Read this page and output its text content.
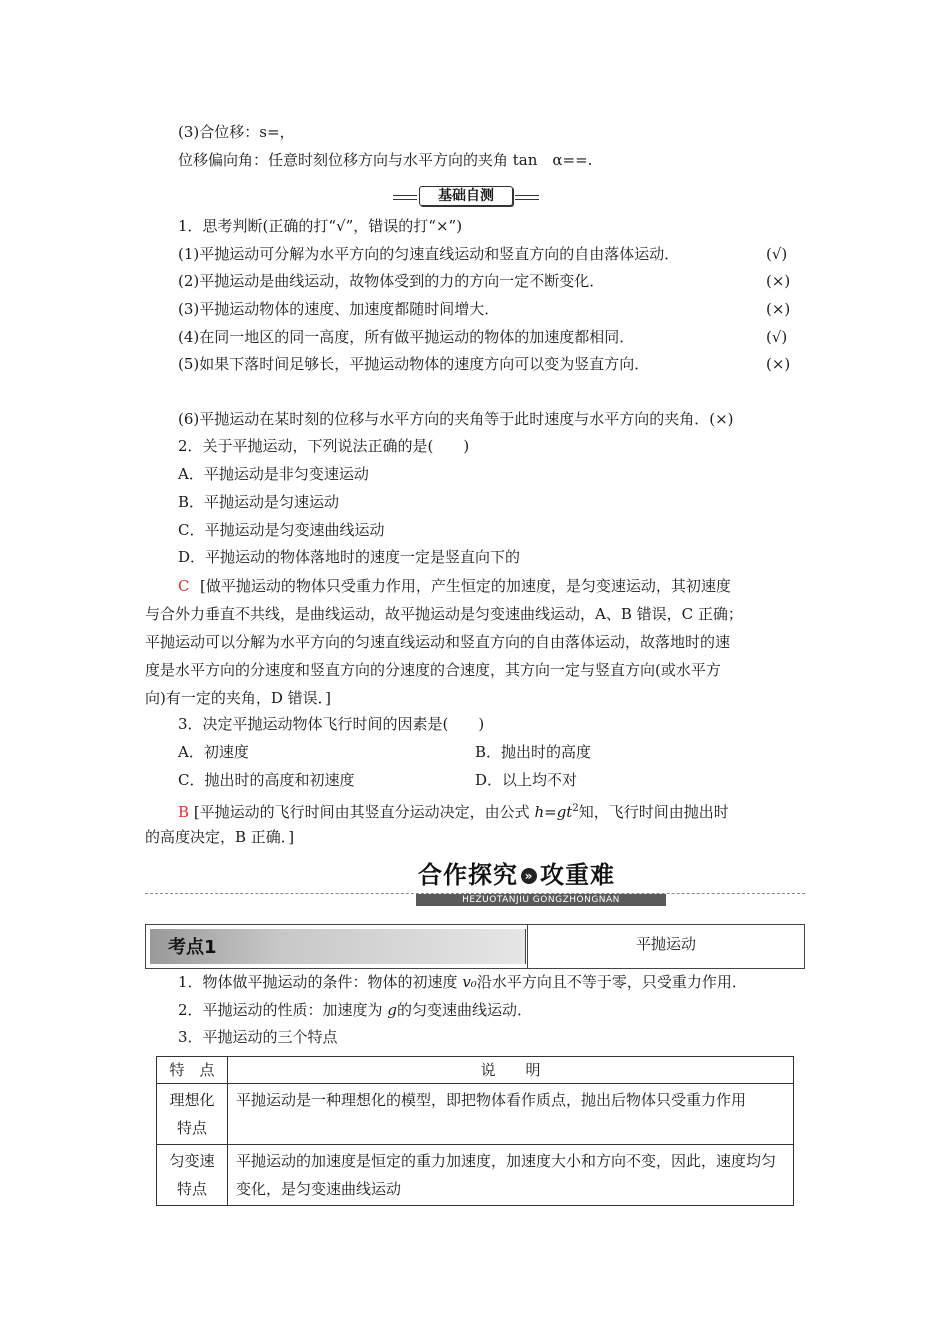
(3)合位移：s=，
位移偏向角：任意时刻位移方向与水平方向的夹角 tan　α==.
基础自测
1．思考判断(正确的打“√”，错误的打“×”)
(1)平抛运动可分解为水平方向的匀速直线运动和竖直方向的自由落体运动．	(√)
(2)平抛运动是曲线运动，故物体受到的力的方向一定不断变化．	(×)
(3)平抛运动物体的速度、加速度都随时间增大．	(×)
(4)在同一地区的同一高度，所有做平抛运动的物体的加速度都相同．	(√)
(5)如果下落时间足够长，平抛运动物体的速度方向可以变为竖直方向．	(×)
(6)平抛运动在某时刻的位移与水平方向的夹角等于此时速度与水平方向的夹角．(×)
2．关于平抛运动，下列说法正确的是(　　)
A．平抛运动是非匀变速运动
B．平抛运动是匀速运动
C．平抛运动是匀变速曲线运动
D．平抛运动的物体落地时的速度一定是竖直向下的
C [做平抛运动的物体只受重力作用，产生恒定的加速度，是匀变速运动，其初速度
与合外力垂直不共线，是曲线运动，故平抛运动是匀变速曲线运动，A、B 错误，C 正确；
平抛运动可以分解为水平方向的匀速直线运动和竖直方向的自由落体运动，故落地时的速
度是水平方向的分速度和竖直方向的分速度的合速度，其方向一定与竖直方向(或水平方
向)有一定的夹角，D 错误．]
3．决定平抛运动物体飞行时间的因素是(　　)
A．初速度	B．抛出时的高度
C．抛出时的高度和初速度	D．以上均不对
B [平抛运动的飞行时间由其竖直分运动决定，由公式 $h=gt^2$知，飞行时间由抛出时
的高度决定，B 正确．]
合作探究 » 攻重难
HEZUOTANJIU GONGZHONGNAN
考点1	平抛运动
1．物体做平抛运动的条件：物体的初速度 v₀沿水平方向且不等于零，只受重力作用．
2．平抛运动的性质：加速度为 g的匀变速曲线运动．
3．平抛运动的三个特点
特　点	说　　明

理想化
特点	平抛运动是一种理想化的模型，即把物体看作质点，抛出后物体只受重力作用

匀变速
特点	平抛运动的加速度是恒定的重力加速度，加速度大小和方向不变，因此，速度均匀变化，是匀变速曲线运动
